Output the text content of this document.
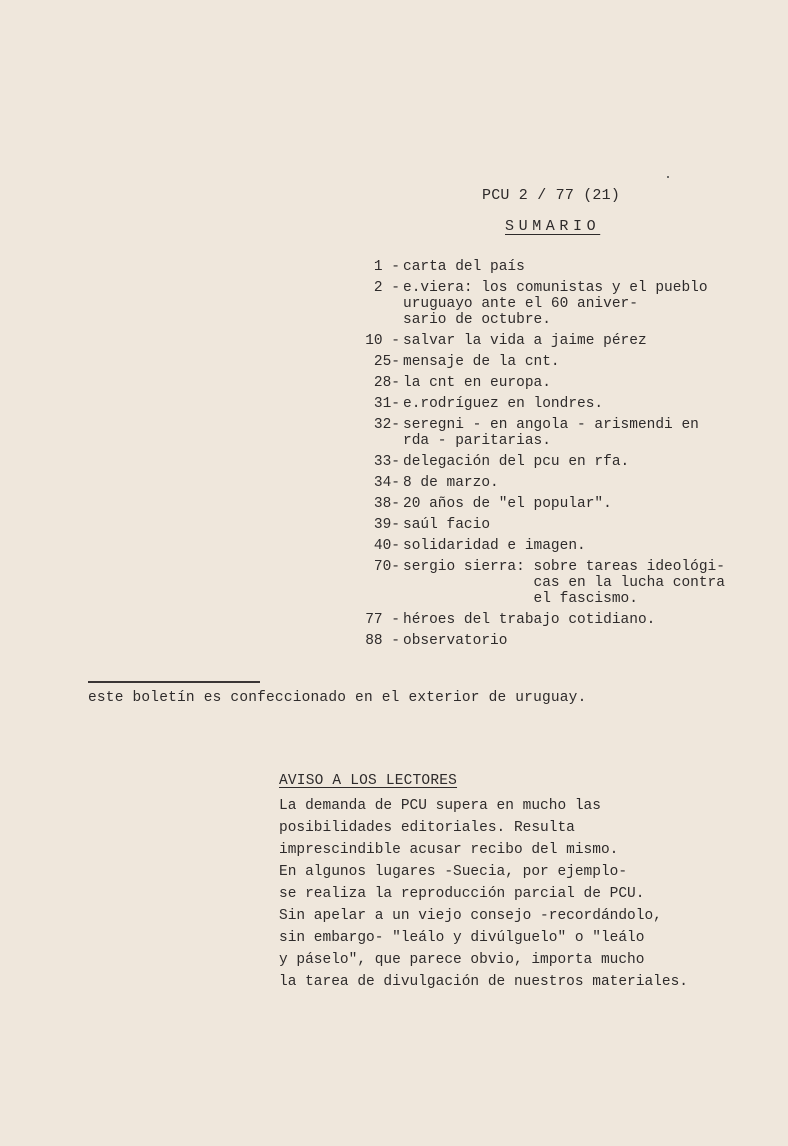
PCU 2 / 77 (21)
SUMARIO
1 - carta del país
2 - e.viera: los comunistas y el pueblo
uruguayo ante el 60 aniver-
sario de octubre.
10 - salvar la vida a jaime pérez
25- mensaje de la cnt.
28- la cnt en europa.
31- e.rodríguez en londres.
32- seregni - en angola - arismendi en
rda - paritarias.
33- delegación del pcu en rfa.
34- 8 de marzo.
38- 20 años de "el popular".
39- saúl facio
40- solidaridad e imagen.
70- sergio sierra: sobre tareas ideológi-
cas en la lucha contra
el fascismo.
77 - héroes del trabajo cotidiano.
88 - observatorio
este boletín es confeccionado en el exterior de uruguay.
AVISO A LOS LECTORES
La demanda de PCU supera en mucho las
posibilidades editoriales. Resulta
imprescindible acusar recibo del mismo.
En algunos lugares -Suecia, por ejemplo-
se realiza la reproducción parcial de PCU.
Sin apelar a un viejo consejo -recordándolo,
sin embargo- "leálo y divúlguelo" o "leálo
y páselo", que parece obvio, importa mucho
la tarea de divulgación de nuestros materiales.
